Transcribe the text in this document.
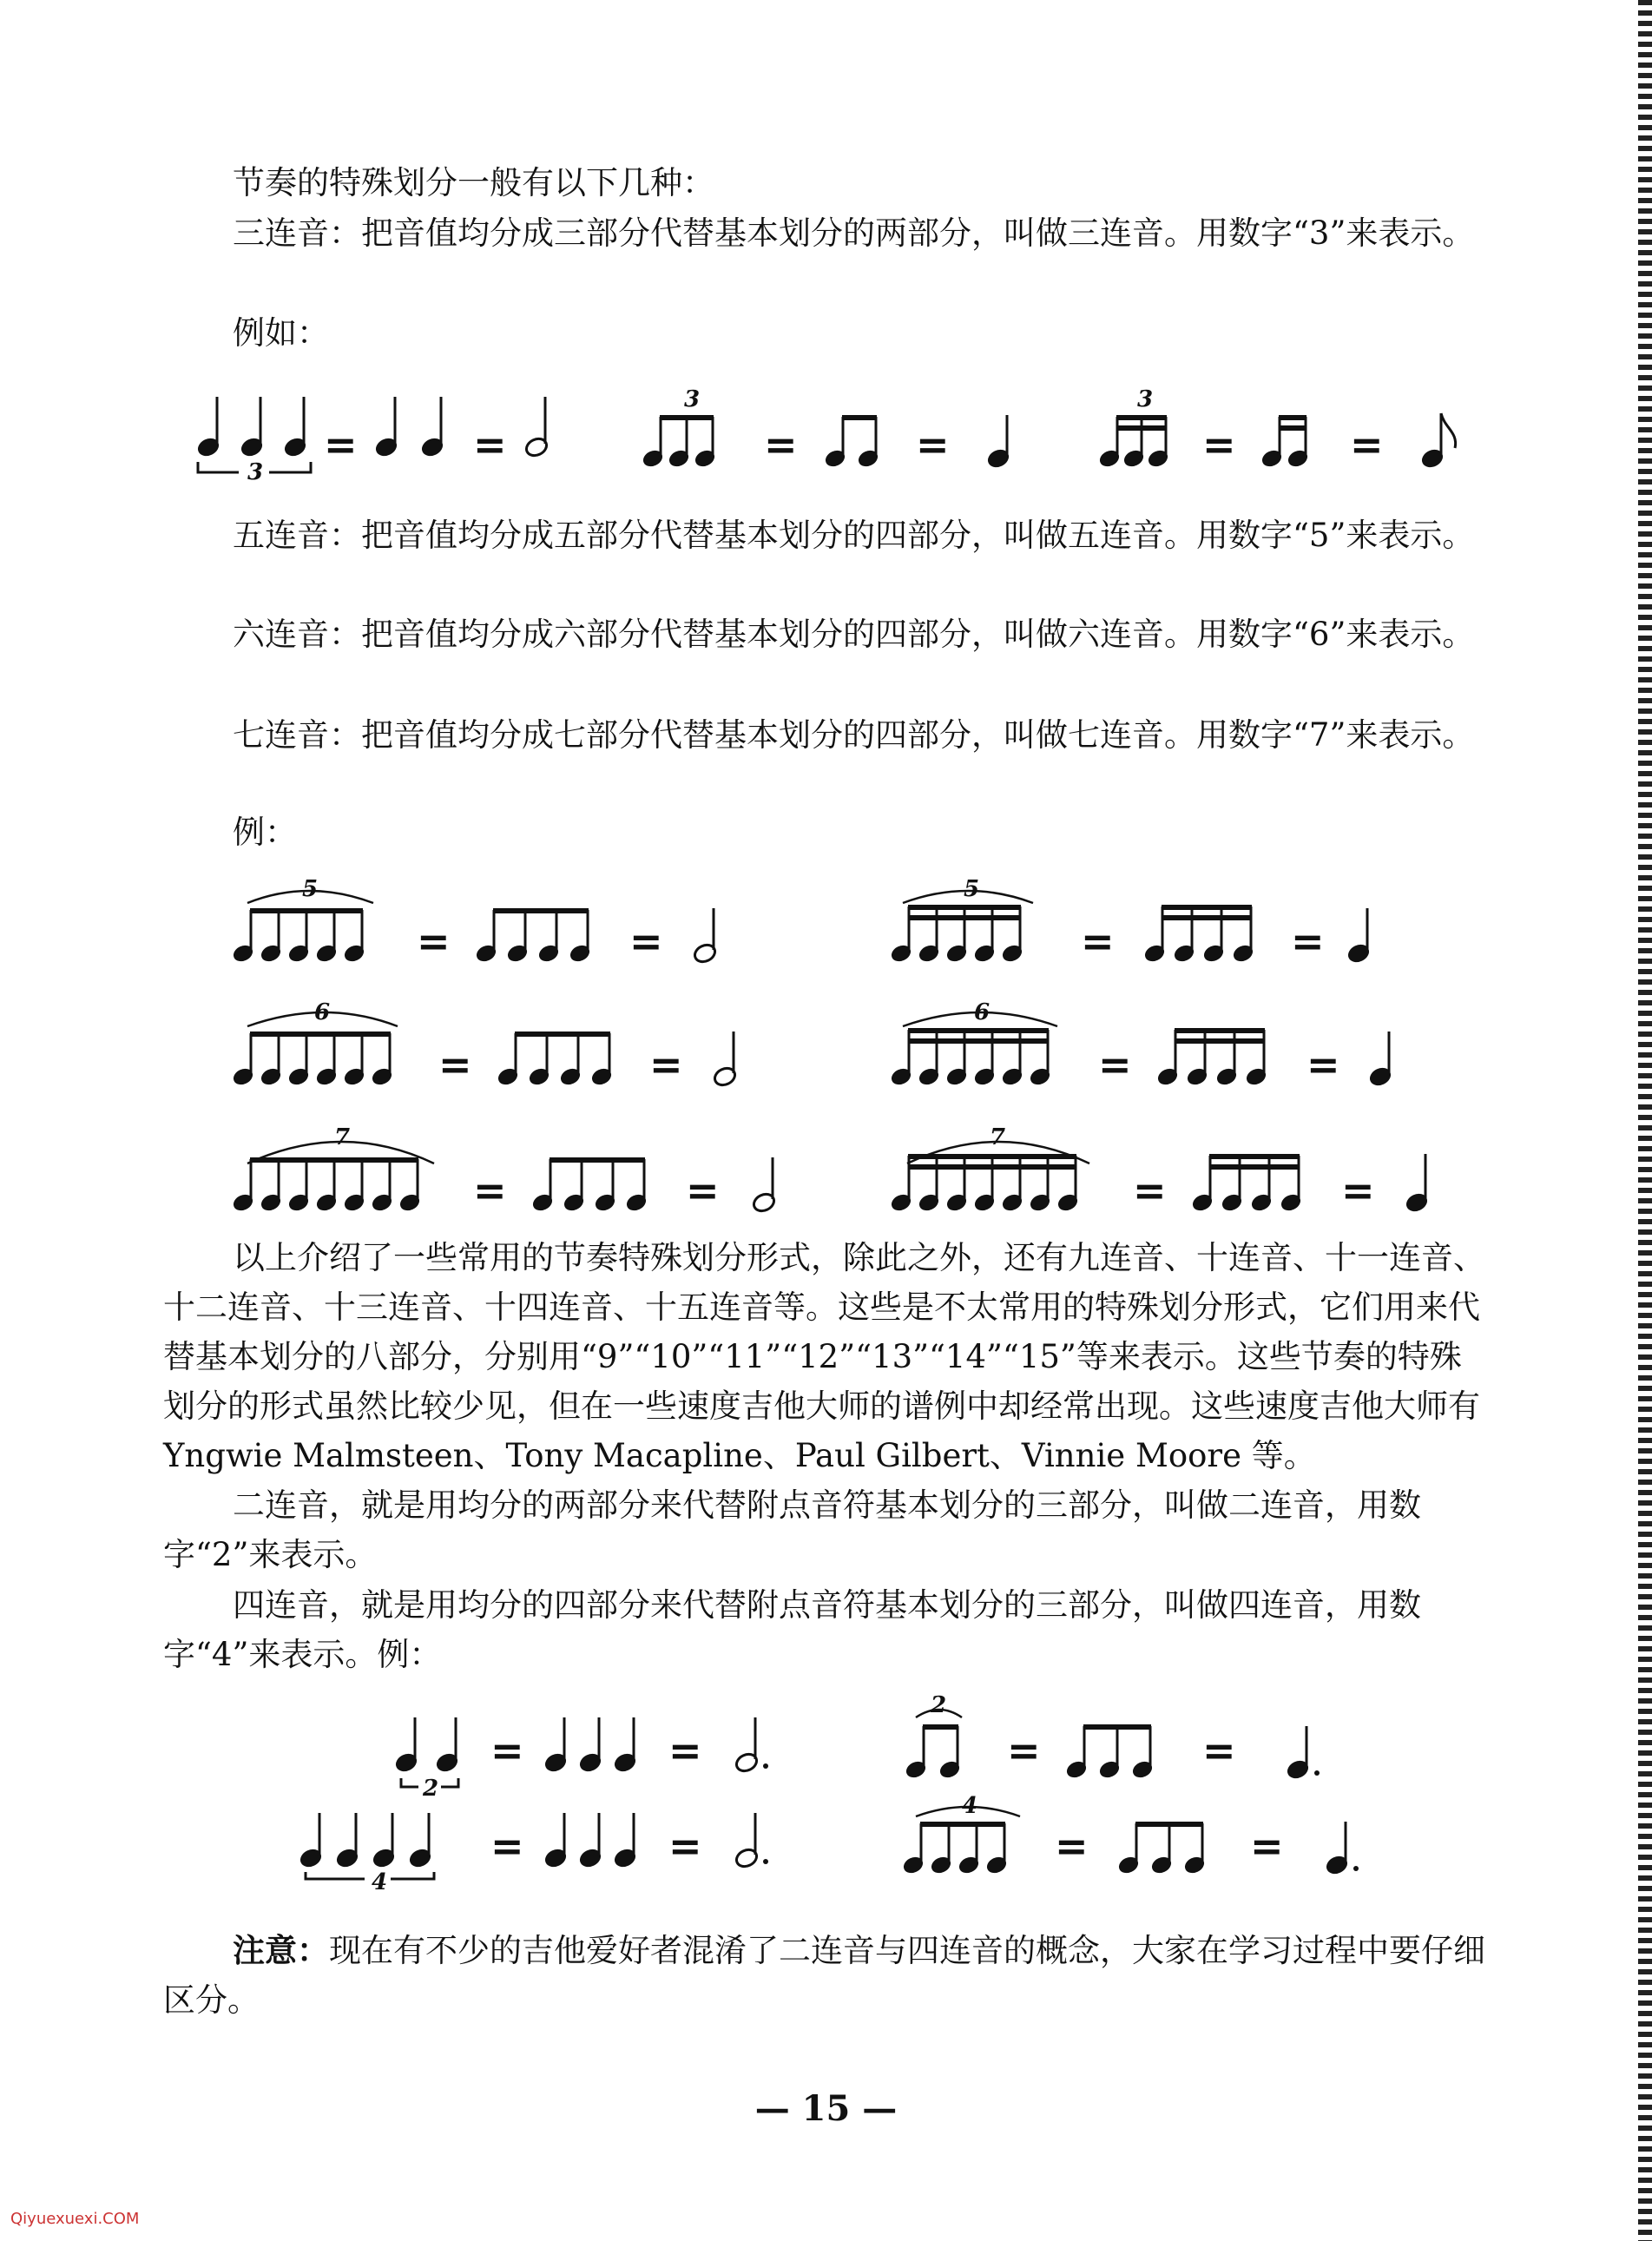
节奏的特殊划分一般有以下几种：

三连音：把音值均分成三部分代替基本划分的两部分，叫做三连音。用数字“3”来表示。

例如：

3
=	=
3
=	=
3
=	=

五连音：把音值均分成五部分代替基本划分的四部分，叫做五连音。用数字“5”来表示。

六连音：把音值均分成六部分代替基本划分的四部分，叫做六连音。用数字“6”来表示。

七连音：把音值均分成七部分代替基本划分的四部分，叫做七连音。用数字“7”来表示。

例：

5
=	=
5
=	=
6
=	=
6
=	=
7
=	=
7
=	=

以上介绍了一些常用的节奏特殊划分形式，除此之外，还有九连音、十连音、十一连音、十二连音、十三连音、十四连音、十五连音等。这些是不太常用的特殊划分形式，它们用来代替基本划分的八部分，分别用“9”“10”“11”“12”“13”“14”“15”等来表示。这些节奏的特殊划分的形式虽然比较少见，但在一些速度吉他大师的谱例中却经常出现。这些速度吉他大师有 Yngwie Malmsteen、Tony Macapline、Paul Gilbert、Vinnie Moore 等。

二连音，就是用均分的两部分来代替附点音符基本划分的三部分，叫做二连音，用数字“2”来表示。

四连音，就是用均分的四部分来代替附点音符基本划分的三部分，叫做四连音，用数字“4”来表示。例：

2
=	=
2
=	=
4
=	=
4
=	=

注意：现在有不少的吉他爱好者混淆了二连音与四连音的概念，大家在学习过程中要仔细区分。

— 15 —
Qiyuexuexi.COM
